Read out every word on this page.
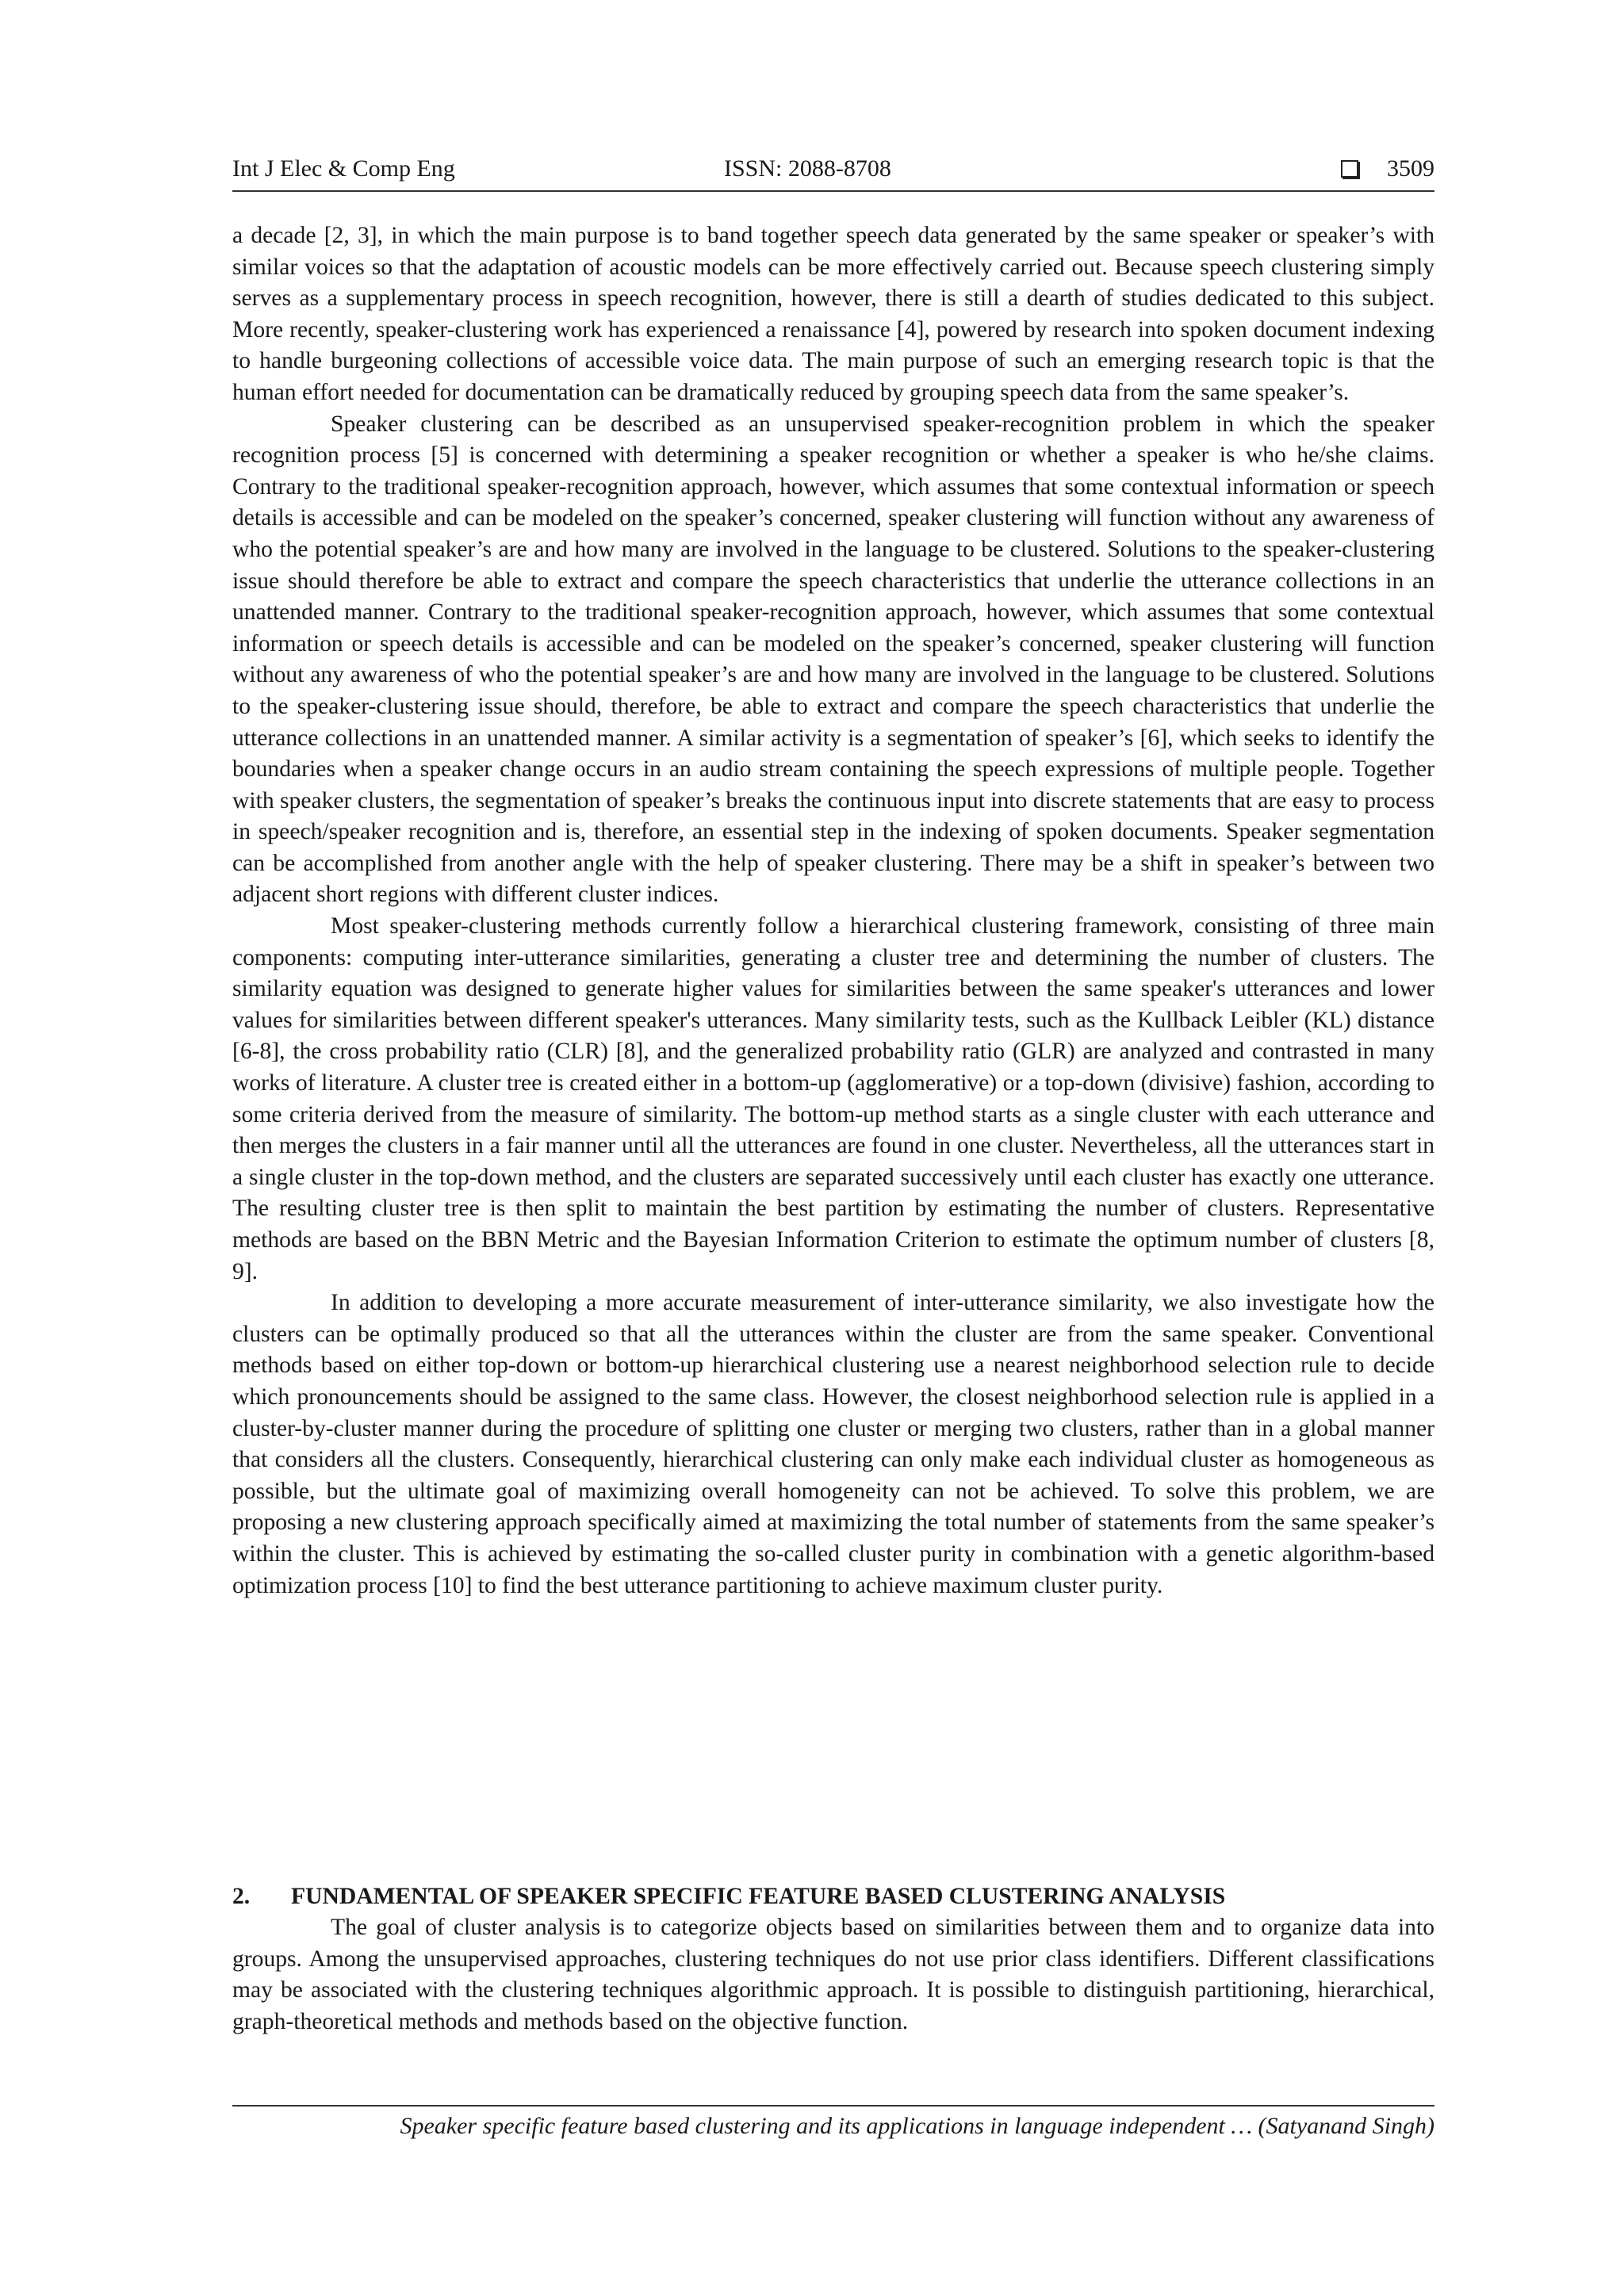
Int J Elec & Comp Eng	ISSN: 2088-8708	3509

a decade [2, 3], in which the main purpose is to band together speech data generated by the same speaker or speaker’s with similar voices so that the adaptation of acoustic models can be more effectively carried out. Because speech clustering simply serves as a supplementary process in speech recognition, however, there is still a dearth of studies dedicated to this subject. More recently, speaker-clustering work has experienced a renaissance [4], powered by research into spoken document indexing to handle burgeoning collections of accessible voice data. The main purpose of such an emerging research topic is that the human effort needed for documentation can be dramatically reduced by grouping speech data from the same speaker’s.

Speaker clustering can be described as an unsupervised speaker-recognition problem in which the speaker recognition process [5] is concerned with determining a speaker recognition or whether a speaker is who he/she claims. Contrary to the traditional speaker-recognition approach, however, which assumes that some contextual information or speech details is accessible and can be modeled on the speaker’s concerned, speaker clustering will function without any awareness of who the potential speaker’s are and how many are involved in the language to be clustered. Solutions to the speaker-clustering issue should therefore be able to extract and compare the speech characteristics that underlie the utterance collections in an unattended manner. Contrary to the traditional speaker-recognition approach, however, which assumes that some contextual information or speech details is accessible and can be modeled on the speaker’s concerned, speaker clustering will function without any awareness of who the potential speaker’s are and how many are involved in the language to be clustered. Solutions to the speaker-clustering issue should, therefore, be able to extract and compare the speech characteristics that underlie the utterance collections in an unattended manner. A similar activity is a segmentation of speaker’s [6], which seeks to identify the boundaries when a speaker change occurs in an audio stream containing the speech expressions of multiple people. Together with speaker clusters, the segmentation of speaker’s breaks the continuous input into discrete statements that are easy to process in speech/speaker recognition and is, therefore, an essential step in the indexing of spoken documents. Speaker segmentation can be accomplished from another angle with the help of speaker clustering. There may be a shift in speaker’s between two adjacent short regions with different cluster indices.

Most speaker-clustering methods currently follow a hierarchical clustering framework, consisting of three main components: computing inter-utterance similarities, generating a cluster tree and determining the number of clusters. The similarity equation was designed to generate higher values for similarities between the same speaker's utterances and lower values for similarities between different speaker's utterances. Many similarity tests, such as the Kullback Leibler (KL) distance [6-8], the cross probability ratio (CLR) [8], and the generalized probability ratio (GLR) are analyzed and contrasted in many works of literature. A cluster tree is created either in a bottom-up (agglomerative) or a top-down (divisive) fashion, according to some criteria derived from the measure of similarity. The bottom-up method starts as a single cluster with each utterance and then merges the clusters in a fair manner until all the utterances are found in one cluster. Nevertheless, all the utterances start in a single cluster in the top-down method, and the clusters are separated successively until each cluster has exactly one utterance. The resulting cluster tree is then split to maintain the best partition by estimating the number of clusters. Representative methods are based on the BBN Metric and the Bayesian Information Criterion to estimate the optimum number of clusters [8, 9].

In addition to developing a more accurate measurement of inter-utterance similarity, we also investigate how the clusters can be optimally produced so that all the utterances within the cluster are from the same speaker. Conventional methods based on either top-down or bottom-up hierarchical clustering use a nearest neighborhood selection rule to decide which pronouncements should be assigned to the same class. However, the closest neighborhood selection rule is applied in a cluster-by-cluster manner during the procedure of splitting one cluster or merging two clusters, rather than in a global manner that considers all the clusters. Consequently, hierarchical clustering can only make each individual cluster as homogeneous as possible, but the ultimate goal of maximizing overall homogeneity can not be achieved. To solve this problem, we are proposing a new clustering approach specifically aimed at maximizing the total number of statements from the same speaker’s within the cluster. This is achieved by estimating the so-called cluster purity in combination with a genetic algorithm-based optimization process [10] to find the best utterance partitioning to achieve maximum cluster purity.

2. FUNDAMENTAL OF SPEAKER SPECIFIC FEATURE BASED CLUSTERING ANALYSIS

The goal of cluster analysis is to categorize objects based on similarities between them and to organize data into groups. Among the unsupervised approaches, clustering techniques do not use prior class identifiers. Different classifications may be associated with the clustering techniques algorithmic approach. It is possible to distinguish partitioning, hierarchical, graph-theoretical methods and methods based on the objective function.

Speaker specific feature based clustering and its applications in language independent … (Satyanand Singh)
